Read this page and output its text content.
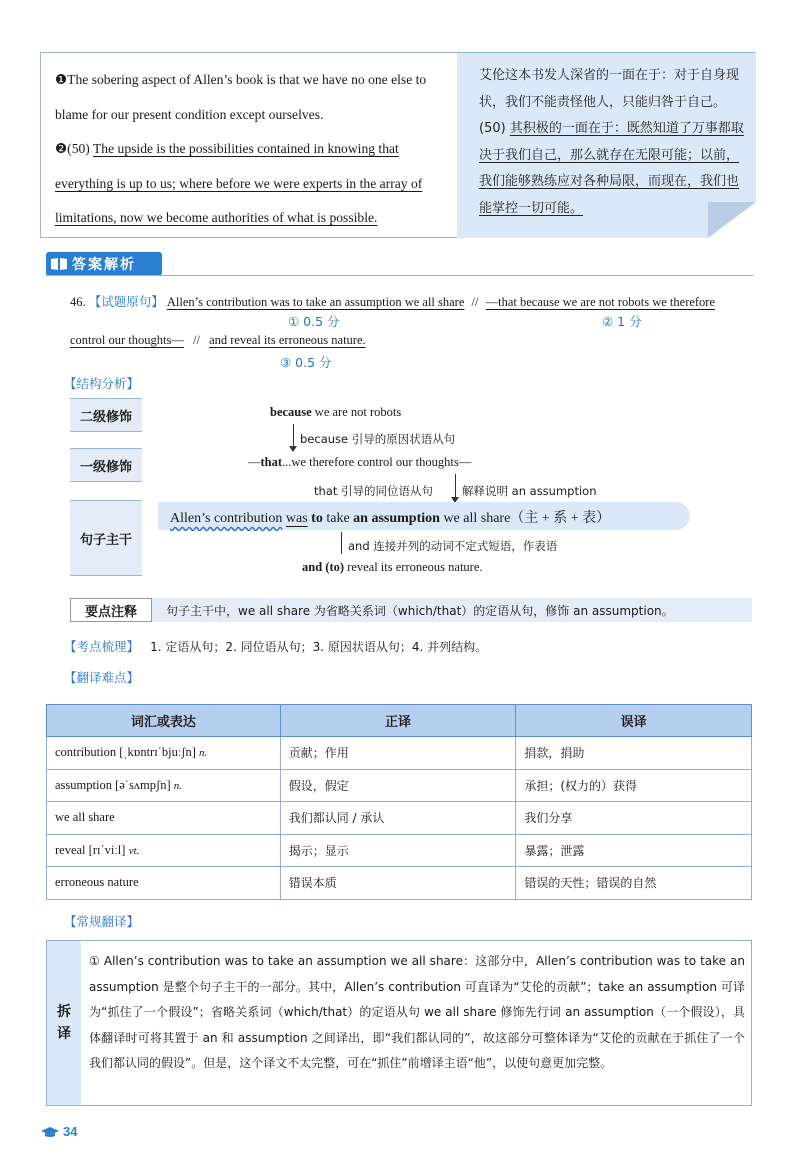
❶The sobering aspect of Allen’s book is that we have no one else to blame for our present condition except ourselves.
❷(50) The upside is the possibilities contained in knowing that everything is up to us; where before we were experts in the array of limitations, now we become authorities of what is possible.
艾伦这本书发人深省的一面在于：对于自身现状，我们不能责怪他人，只能归咎于自己。(50) 其积极的一面在于：既然知道了万事都取决于我们自己，那么就存在无限可能；以前，我们能够熟练应对各种局限，而现在，我们也能掌控一切可能。
答案解析
46. 【试题原句】 Allen’s contribution was to take an assumption we all share // —that because we are not robots we therefore
① 0.5 分	② 1 分
control our thoughts— // and reveal its erroneous nature.
③ 0.5 分
【结构分析】
二级修饰
一级修饰
句子主干
because we are not robots
because 引导的原因状语从句
—that...we therefore control our thoughts—
that 引导的同位语从句	解释说明 an assumption
Allen’s contribution was to take an assumption we all share（主 + 系 + 表）
and 连接并列的动词不定式短语，作表语
and (to) reveal its erroneous nature.
要点注释	句子主干中，we all share 为省略关系词（which/that）的定语从句，修饰 an assumption。
【考点梳理】 1. 定语从句；2. 同位语从句；3. 原因状语从句；4. 并列结构。
【翻译难点】
词汇或表达	正译	误译
contribution [ˌkɒntrɪˈbjuːʃn] n.	贡献；作用	捐款，捐助
assumption [əˈsʌmpʃn] n.	假设，假定	承担；(权力的）获得
we all share	我们都认同 / 承认	我们分享
reveal [rɪˈviːl] vt.	揭示；显示	暴露；泄露
erroneous nature	错误本质	错误的天性；错误的自然
【常规翻译】
拆
译
① Allen’s contribution was to take an assumption we all share：这部分中，Allen’s contribution was to take an assumption 是整个句子主干的一部分。其中，Allen’s contribution 可直译为“艾伦的贡献”；take an assumption 可译为“抓住了一个假设”；省略关系词（which/that）的定语从句 we all share 修饰先行词 an assumption（一个假设），具体翻译时可将其置于 an 和 assumption 之间译出，即“我们都认同的”，故这部分可整体译为“艾伦的贡献在于抓住了一个我们都认同的假设”。但是，这个译文不太完整，可在“抓住”前增译主语“他”，以使句意更加完整。
34
